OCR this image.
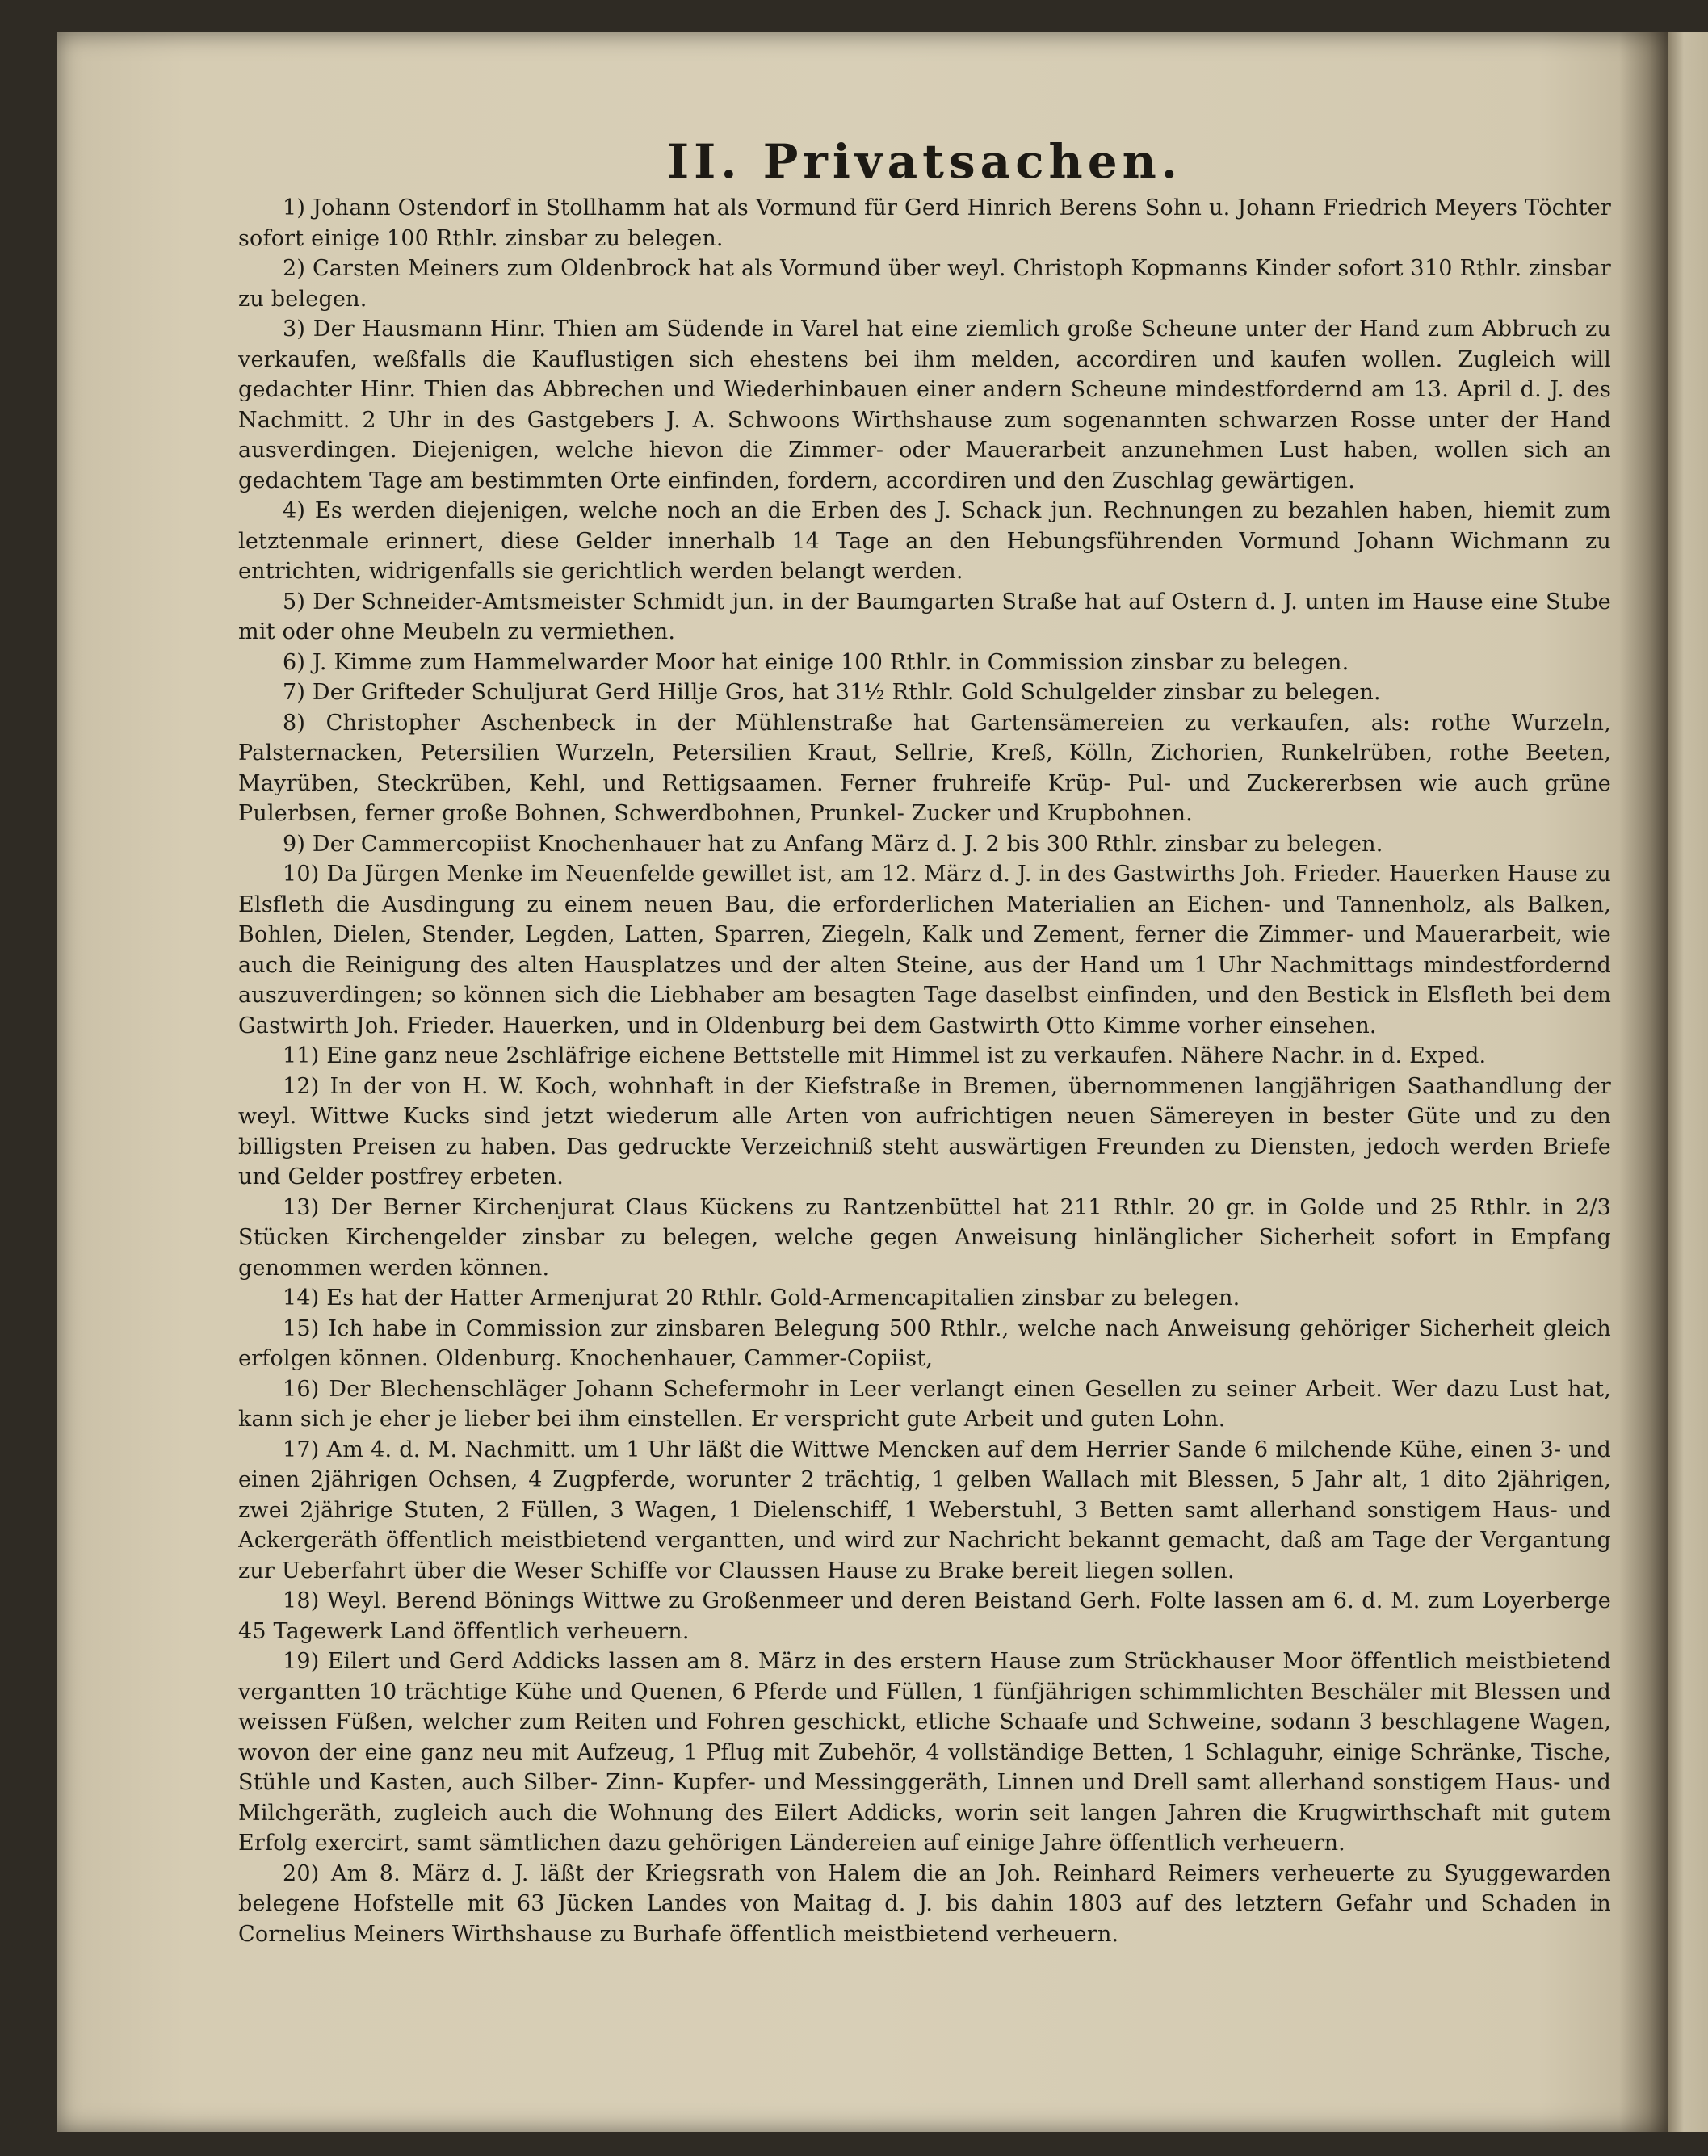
II. Privatsachen.

1) Johann Ostendorf in Stollhamm hat als Vormund für Gerd Hinrich Berens Sohn u. Johann Friedrich Meyers Töchter sofort einige 100 Rthlr. zinsbar zu belegen.

2) Carsten Meiners zum Oldenbrock hat als Vormund über weyl. Christoph Kopmanns Kinder sofort 310 Rthlr. zinsbar zu belegen.

3) Der Hausmann Hinr. Thien am Südende in Varel hat eine ziemlich große Scheune unter der Hand zum Abbruch zu verkaufen, weßfalls die Kauflustigen sich ehestens bei ihm melden, accordiren und kaufen wollen. Zugleich will gedachter Hinr. Thien das Abbrechen und Wiederhinbauen einer andern Scheune mindestfordernd am 13. April d. J. des Nachmitt. 2 Uhr in des Gastgebers J. A. Schwoons Wirthshause zum sogenannten schwarzen Rosse unter der Hand ausverdingen. Diejenigen, welche hievon die Zimmer- oder Mauerarbeit anzunehmen Lust haben, wollen sich an gedachtem Tage am bestimmten Orte einfinden, fordern, accordiren und den Zuschlag gewärtigen.

4) Es werden diejenigen, welche noch an die Erben des J. Schack jun. Rechnungen zu bezahlen haben, hiemit zum letztenmale erinnert, diese Gelder innerhalb 14 Tage an den Hebungsführenden Vormund Johann Wichmann zu entrichten, widrigenfalls sie gerichtlich werden belangt werden.

5) Der Schneider-Amtsmeister Schmidt jun. in der Baumgarten Straße hat auf Ostern d. J. unten im Hause eine Stube mit oder ohne Meubeln zu vermiethen.

6) J. Kimme zum Hammelwarder Moor hat einige 100 Rthlr. in Commission zinsbar zu belegen.

7) Der Grifteder Schuljurat Gerd Hillje Gros, hat 31½ Rthlr. Gold Schulgelder zinsbar zu belegen.

8) Christopher Aschenbeck in der Mühlenstraße hat Gartensämereien zu verkaufen, als: rothe Wurzeln, Palsternacken, Petersilien Wurzeln, Petersilien Kraut, Sellrie, Kreß, Kölln, Zichorien, Runkelrüben, rothe Beeten, Mayrüben, Steckrüben, Kehl, und Rettigsaamen. Ferner fruhreife Krüp- Pul- und Zuckererbsen wie auch grüne Pulerbsen, ferner große Bohnen, Schwerdbohnen, Prunkel- Zucker und Krupbohnen.

9) Der Cammercopiist Knochenhauer hat zu Anfang März d. J. 2 bis 300 Rthlr. zinsbar zu belegen.

10) Da Jürgen Menke im Neuenfelde gewillet ist, am 12. März d. J. in des Gastwirths Joh. Frieder. Hauerken Hause zu Elsfleth die Ausdingung zu einem neuen Bau, die erforderlichen Materialien an Eichen- und Tannenholz, als Balken, Bohlen, Dielen, Stender, Legden, Latten, Sparren, Ziegeln, Kalk und Zement, ferner die Zimmer- und Mauerarbeit, wie auch die Reinigung des alten Hausplatzes und der alten Steine, aus der Hand um 1 Uhr Nachmittags mindestfordernd auszuverdingen; so können sich die Liebhaber am besagten Tage daselbst einfinden, und den Bestick in Elsfleth bei dem Gastwirth Joh. Frieder. Hauerken, und in Oldenburg bei dem Gastwirth Otto Kimme vorher einsehen.

11) Eine ganz neue 2schläfrige eichene Bettstelle mit Himmel ist zu verkaufen. Nähere Nachr. in d. Exped.

12) In der von H. W. Koch, wohnhaft in der Kiefstraße in Bremen, übernommenen langjährigen Saathandlung der weyl. Wittwe Kucks sind jetzt wiederum alle Arten von aufrichtigen neuen Sämereyen in bester Güte und zu den billigsten Preisen zu haben. Das gedruckte Verzeichniß steht auswärtigen Freunden zu Diensten, jedoch werden Briefe und Gelder postfrey erbeten.

13) Der Berner Kirchenjurat Claus Kückens zu Rantzenbüttel hat 211 Rthlr. 20 gr. in Golde und 25 Rthlr. in 2/3 Stücken Kirchengelder zinsbar zu belegen, welche gegen Anweisung hinlänglicher Sicherheit sofort in Empfang genommen werden können.

14) Es hat der Hatter Armenjurat 20 Rthlr. Gold-Armencapitalien zinsbar zu belegen.

15) Ich habe in Commission zur zinsbaren Belegung 500 Rthlr., welche nach Anweisung gehöriger Sicherheit gleich erfolgen können. Oldenburg. Knochenhauer, Cammer-Copiist,

16) Der Blechenschläger Johann Schefermohr in Leer verlangt einen Gesellen zu seiner Arbeit. Wer dazu Lust hat, kann sich je eher je lieber bei ihm einstellen. Er verspricht gute Arbeit und guten Lohn.

17) Am 4. d. M. Nachmitt. um 1 Uhr läßt die Wittwe Mencken auf dem Herrier Sande 6 milchende Kühe, einen 3- und einen 2jährigen Ochsen, 4 Zugpferde, worunter 2 trächtig, 1 gelben Wallach mit Blessen, 5 Jahr alt, 1 dito 2jährigen, zwei 2jährige Stuten, 2 Füllen, 3 Wagen, 1 Dielenschiff, 1 Weberstuhl, 3 Betten samt allerhand sonstigem Haus- und Ackergeräth öffentlich meistbietend vergantten, und wird zur Nachricht bekannt gemacht, daß am Tage der Vergantung zur Ueberfahrt über die Weser Schiffe vor Claussen Hause zu Brake bereit liegen sollen.

18) Weyl. Berend Bönings Wittwe zu Großenmeer und deren Beistand Gerh. Folte lassen am 6. d. M. zum Loyerberge 45 Tagewerk Land öffentlich verheuern.

19) Eilert und Gerd Addicks lassen am 8. März in des erstern Hause zum Strückhauser Moor öffentlich meistbietend vergantten 10 trächtige Kühe und Quenen, 6 Pferde und Füllen, 1 fünfjährigen schimmlichten Beschäler mit Blessen und weissen Füßen, welcher zum Reiten und Fohren geschickt, etliche Schaafe und Schweine, sodann 3 beschlagene Wagen, wovon der eine ganz neu mit Aufzeug, 1 Pflug mit Zubehör, 4 vollständige Betten, 1 Schlaguhr, einige Schränke, Tische, Stühle und Kasten, auch Silber- Zinn- Kupfer- und Messinggeräth, Linnen und Drell samt allerhand sonstigem Haus- und Milchgeräth, zugleich auch die Wohnung des Eilert Addicks, worin seit langen Jahren die Krugwirthschaft mit gutem Erfolg exercirt, samt sämtlichen dazu gehörigen Ländereien auf einige Jahre öffentlich verheuern.

20) Am 8. März d. J. läßt der Kriegsrath von Halem die an Joh. Reinhard Reimers verheuerte zu Syuggewarden belegene Hofstelle mit 63 Jücken Landes von Maitag d. J. bis dahin 1803 auf des letztern Gefahr und Schaden in Cornelius Meiners Wirthshause zu Burhafe öffentlich meistbietend verheuern.
